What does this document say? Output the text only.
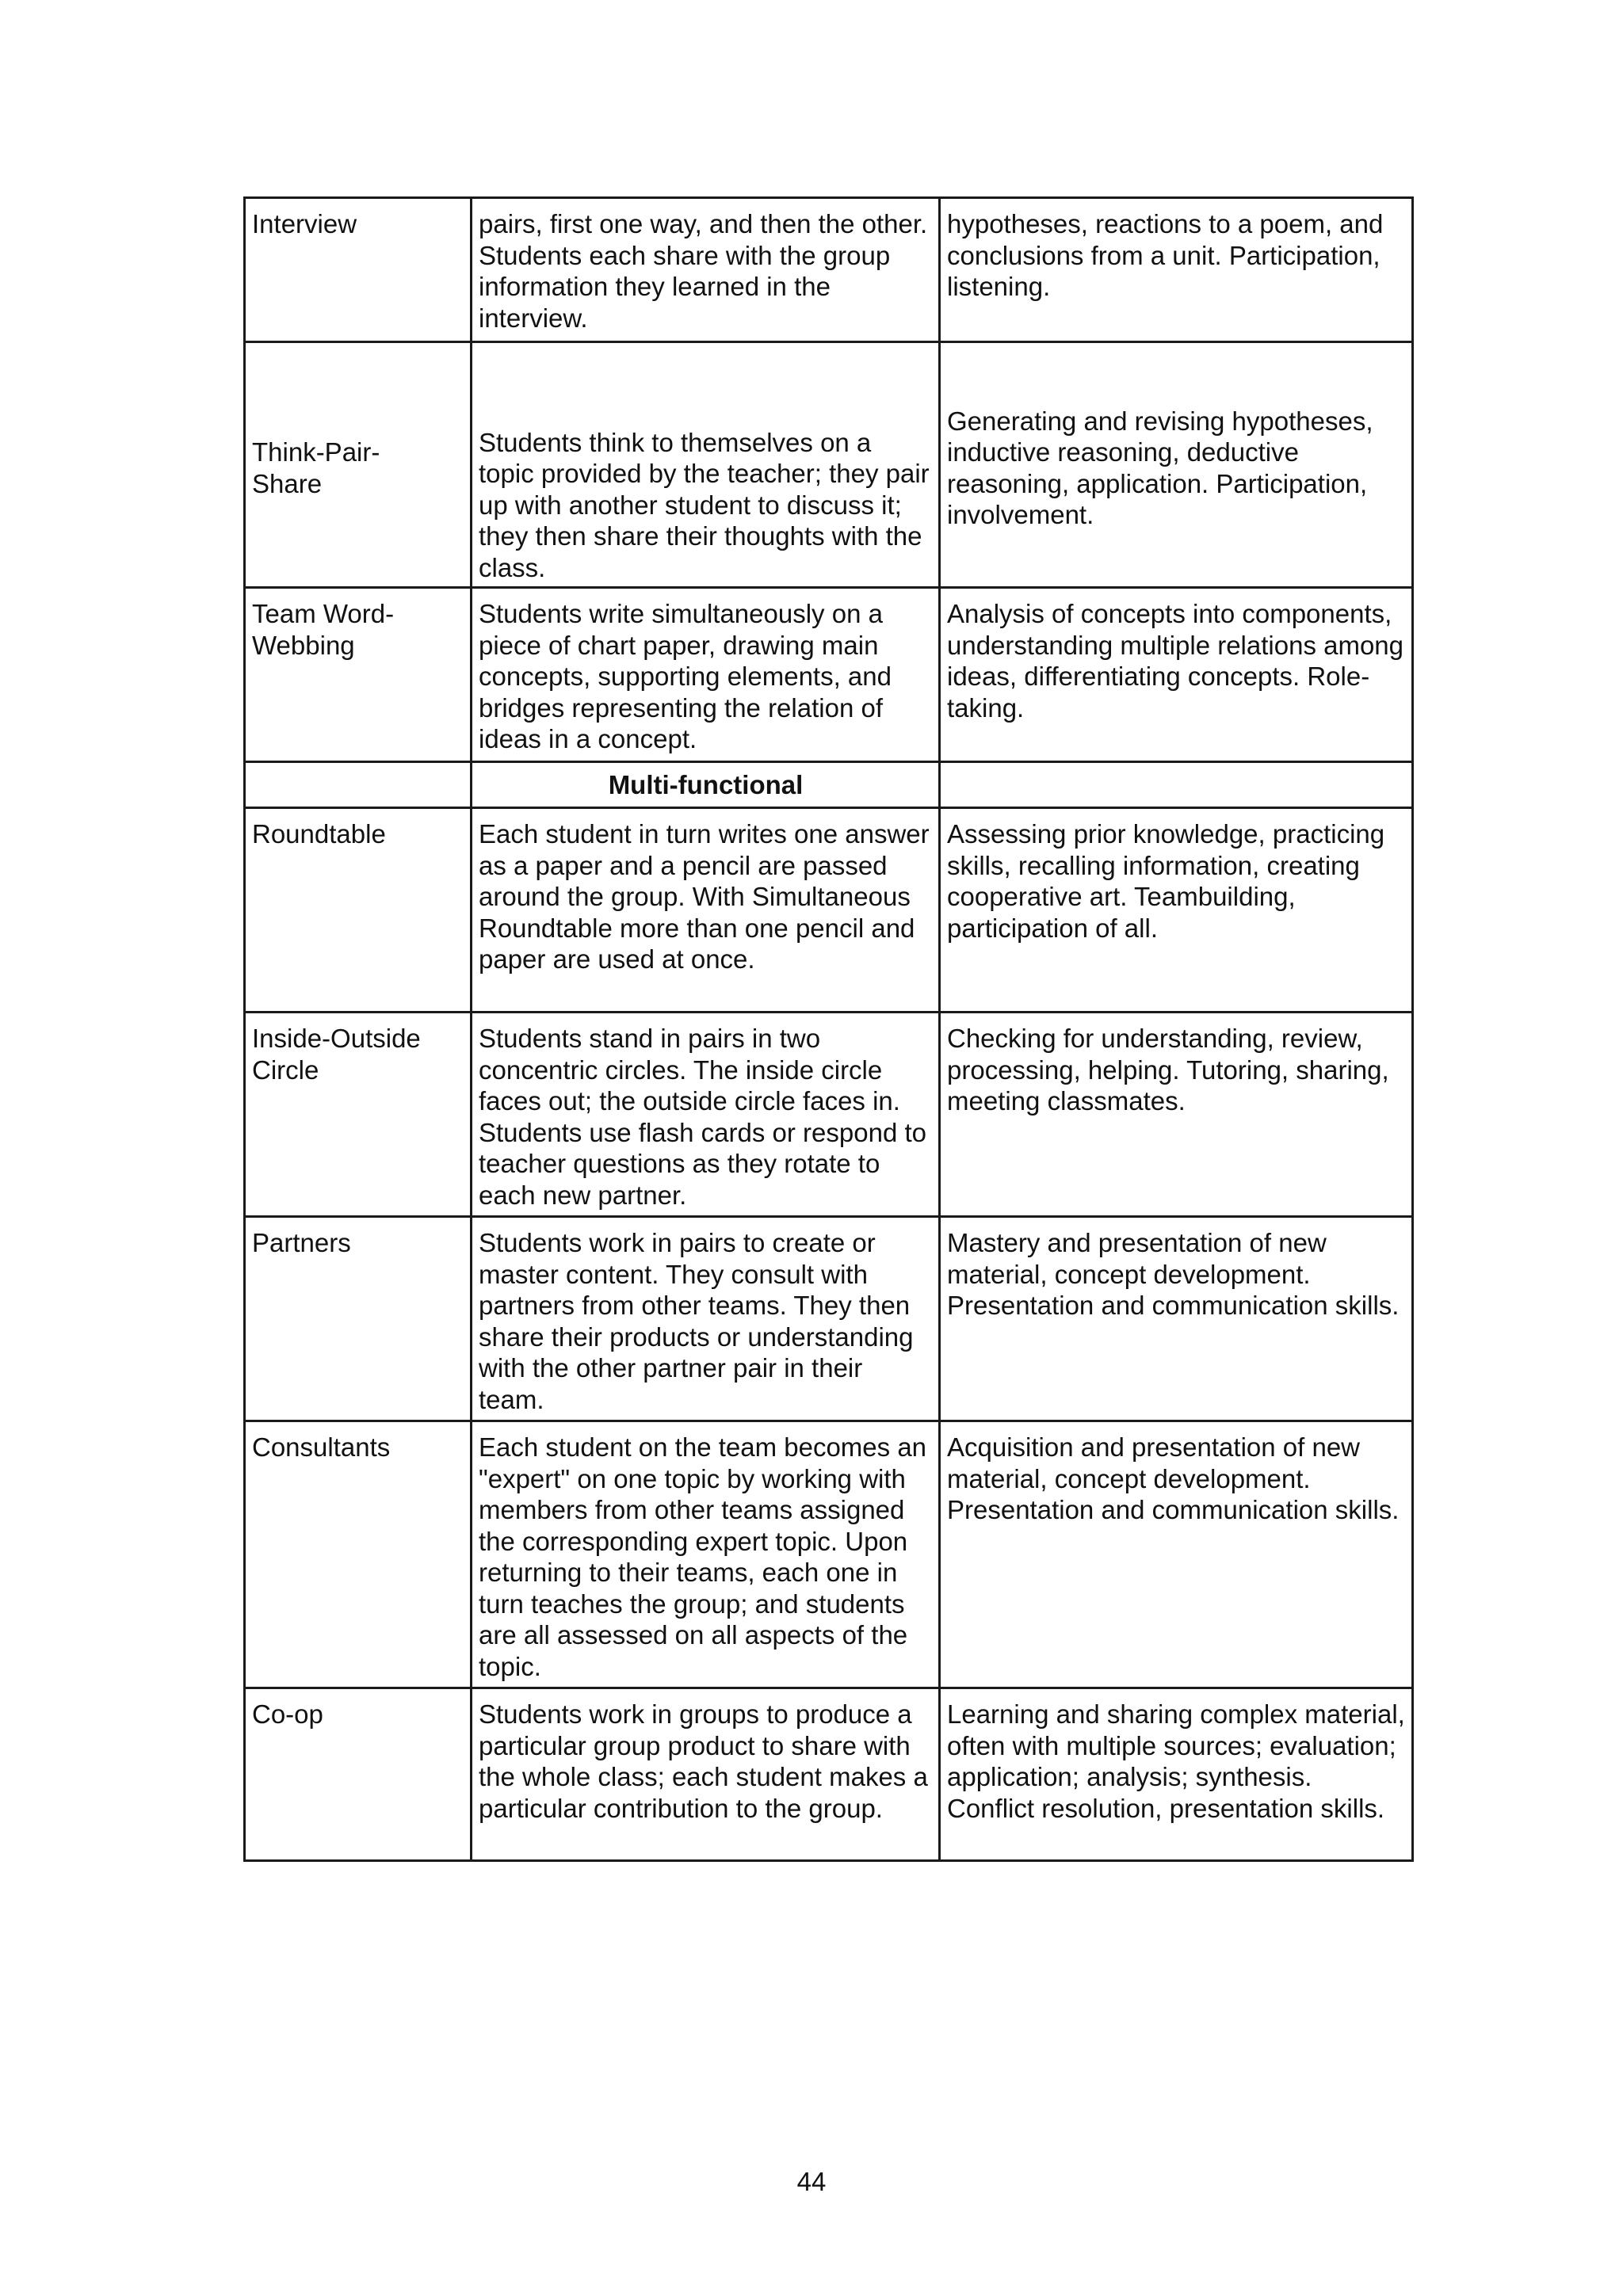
Interview	pairs, first one way, and then the other. Students each share with the group information they learned in the interview.	hypotheses, reactions to a poem, and conclusions from a unit. Participation, listening.
Think-Pair-Share	Students think to themselves on a topic provided by the teacher; they pair up with another student to discuss it; they then share their thoughts with the class.	Generating and revising hypotheses, inductive reasoning, deductive reasoning, application. Participation, involvement.
Team Word-Webbing	Students write simultaneously on a piece of chart paper, drawing main concepts, supporting elements, and bridges representing the relation of ideas in a concept.	Analysis of concepts into components, understanding multiple relations among ideas, differentiating concepts. Role-taking.
	Multi-functional	
Roundtable	Each student in turn writes one answer as a paper and a pencil are passed around the group. With Simultaneous Roundtable more than one pencil and paper are used at once.	Assessing prior knowledge, practicing skills, recalling information, creating cooperative art. Teambuilding, participation of all.
Inside-Outside Circle	Students stand in pairs in two concentric circles. The inside circle faces out; the outside circle faces in. Students use flash cards or respond to teacher questions as they rotate to each new partner.	Checking for understanding, review, processing, helping. Tutoring, sharing, meeting classmates.
Partners	Students work in pairs to create or master content. They consult with partners from other teams. They then share their products or understanding with the other partner pair in their team.	Mastery and presentation of new material, concept development. Presentation and communication skills.
Consultants	Each student on the team becomes an "expert" on one topic by working with members from other teams assigned the corresponding expert topic. Upon returning to their teams, each one in turn teaches the group; and students are all assessed on all aspects of the topic.	Acquisition and presentation of new material, concept development. Presentation and communication skills.
Co-op	Students work in groups to produce a particular group product to share with the whole class; each student makes a particular contribution to the group.	Learning and sharing complex material, often with multiple sources; evaluation; application; analysis; synthesis. Conflict resolution, presentation skills.
44
